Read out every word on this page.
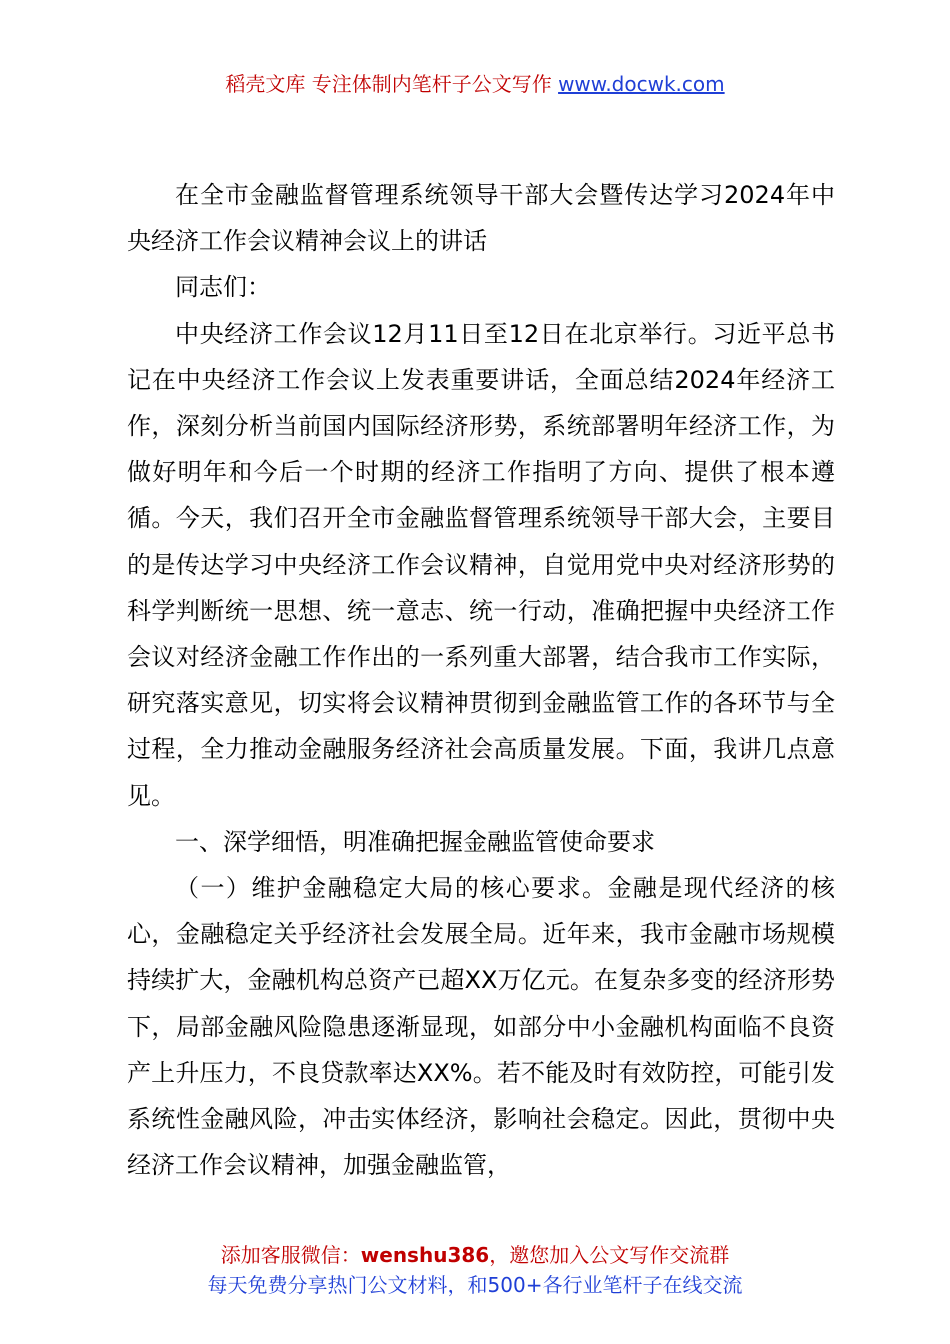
稻壳文库 专注体制内笔杆子公文写作 www.docwk.com

在全市金融监督管理系统领导干部大会暨传达学习2024年中央经济工作会议精神会议上的讲话

同志们：

中央经济工作会议12月11日至12日在北京举行。习近平总书记在中央经济工作会议上发表重要讲话，全面总结2024年经济工作，深刻分析当前国内国际经济形势，系统部署明年经济工作，为做好明年和今后一个时期的经济工作指明了方向、提供了根本遵循。今天，我们召开全市金融监督管理系统领导干部大会，主要目的是传达学习中央经济工作会议精神，自觉用党中央对经济形势的科学判断统一思想、统一意志、统一行动，准确把握中央经济工作会议对经济金融工作作出的一系列重大部署，结合我市工作实际，研究落实意见，切实将会议精神贯彻到金融监管工作的各环节与全过程，全力推动金融服务经济社会高质量发展。下面，我讲几点意见。

一、深学细悟，明准确把握金融监管使命要求

（一）维护金融稳定大局的核心要求。金融是现代经济的核心，金融稳定关乎经济社会发展全局。近年来，我市金融市场规模持续扩大，金融机构总资产已超XX万亿元。在复杂多变的经济形势下，局部金融风险隐患逐渐显现，如部分中小金融机构面临不良资产上升压力，不良贷款率达XX%。若不能及时有效防控，可能引发系统性金融风险，冲击实体经济，影响社会稳定。因此，贯彻中央经济工作会议精神，加强金融监管，

添加客服微信：wenshu386，邀您加入公文写作交流群
每天免费分享热门公文材料，和500+各行业笔杆子在线交流
